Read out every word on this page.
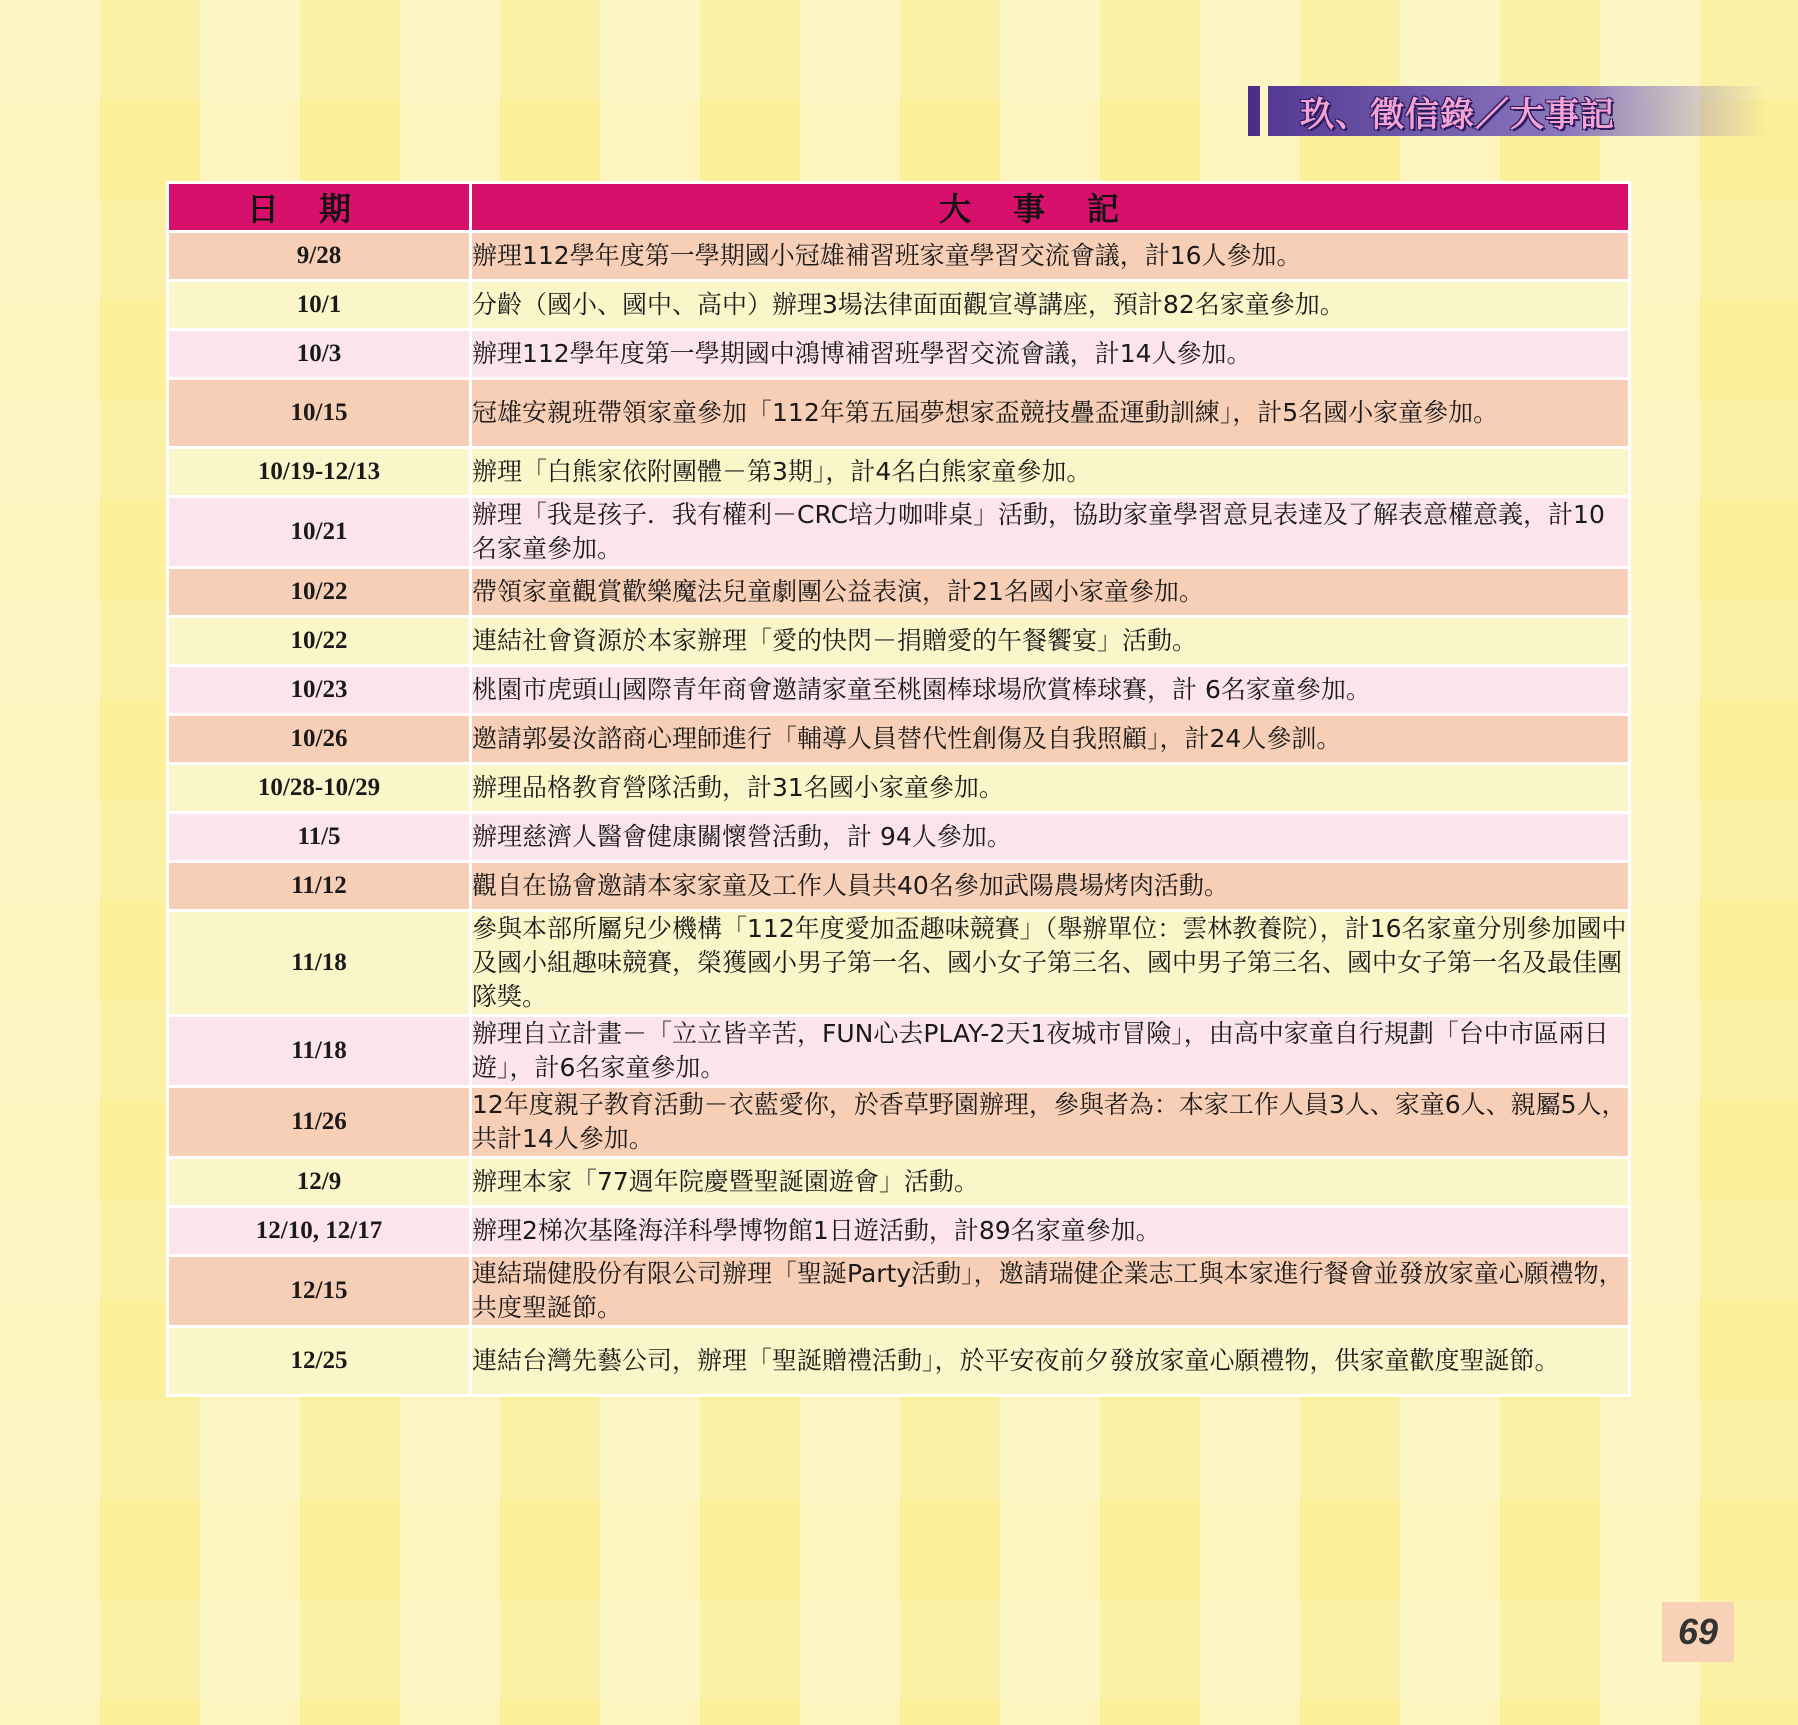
玖、徵信錄／大事記
日期	大事記
9/28	辦理112學年度第一學期國小冠雄補習班家童學習交流會議，計16人參加。
10/1	分齡（國小、國中、高中）辦理3場法律面面觀宣導講座，預計82名家童參加。
10/3	辦理112學年度第一學期國中鴻博補習班學習交流會議，計14人參加。
10/15	冠雄安親班帶領家童參加「112年第五屆夢想家盃競技疊盃運動訓練」，計5名國小家童參加。
10/19-12/13	辦理「白熊家依附團體－第3期」，計4名白熊家童參加。
10/21	辦理「我是孩子．我有權利－CRC培力咖啡桌」活動，協助家童學習意見表達及了解表意權意義，計10名家童參加。
10/22	帶領家童觀賞歡樂魔法兒童劇團公益表演，計21名國小家童參加。
10/22	連結社會資源於本家辦理「愛的快閃－捐贈愛的午餐饗宴」活動。
10/23	桃園市虎頭山國際青年商會邀請家童至桃園棒球場欣賞棒球賽，計 6名家童參加。
10/26	邀請郭晏汝諮商心理師進行「輔導人員替代性創傷及自我照顧」，計24人參訓。
10/28-10/29	辦理品格教育營隊活動，計31名國小家童參加。
11/5	辦理慈濟人醫會健康關懷營活動，計 94人參加。
11/12	觀自在協會邀請本家家童及工作人員共40名參加武陽農場烤肉活動。
11/18	參與本部所屬兒少機構「112年度愛加盃趣味競賽」（舉辦單位：雲林教養院），計16名家童分別參加國中及國小組趣味競賽，榮獲國小男子第一名、國小女子第三名、國中男子第三名、國中女子第一名及最佳團隊獎。
11/18	辦理自立計畫－「立立皆辛苦，FUN心去PLAY-2天1夜城市冒險」，由高中家童自行規劃「台中市區兩日遊」，計6名家童參加。
11/26	12年度親子教育活動－衣藍愛你，於香草野園辦理，參與者為：本家工作人員3人、家童6人、親屬5人，共計14人參加。
12/9	辦理本家「77週年院慶暨聖誕園遊會」活動。
12/10, 12/17	辦理2梯次基隆海洋科學博物館1日遊活動，計89名家童參加。
12/15	連結瑞健股份有限公司辦理「聖誕Party活動」，邀請瑞健企業志工與本家進行餐會並發放家童心願禮物，共度聖誕節。
12/25	連結台灣先藝公司，辦理「聖誕贈禮活動」，於平安夜前夕發放家童心願禮物，供家童歡度聖誕節。
69
